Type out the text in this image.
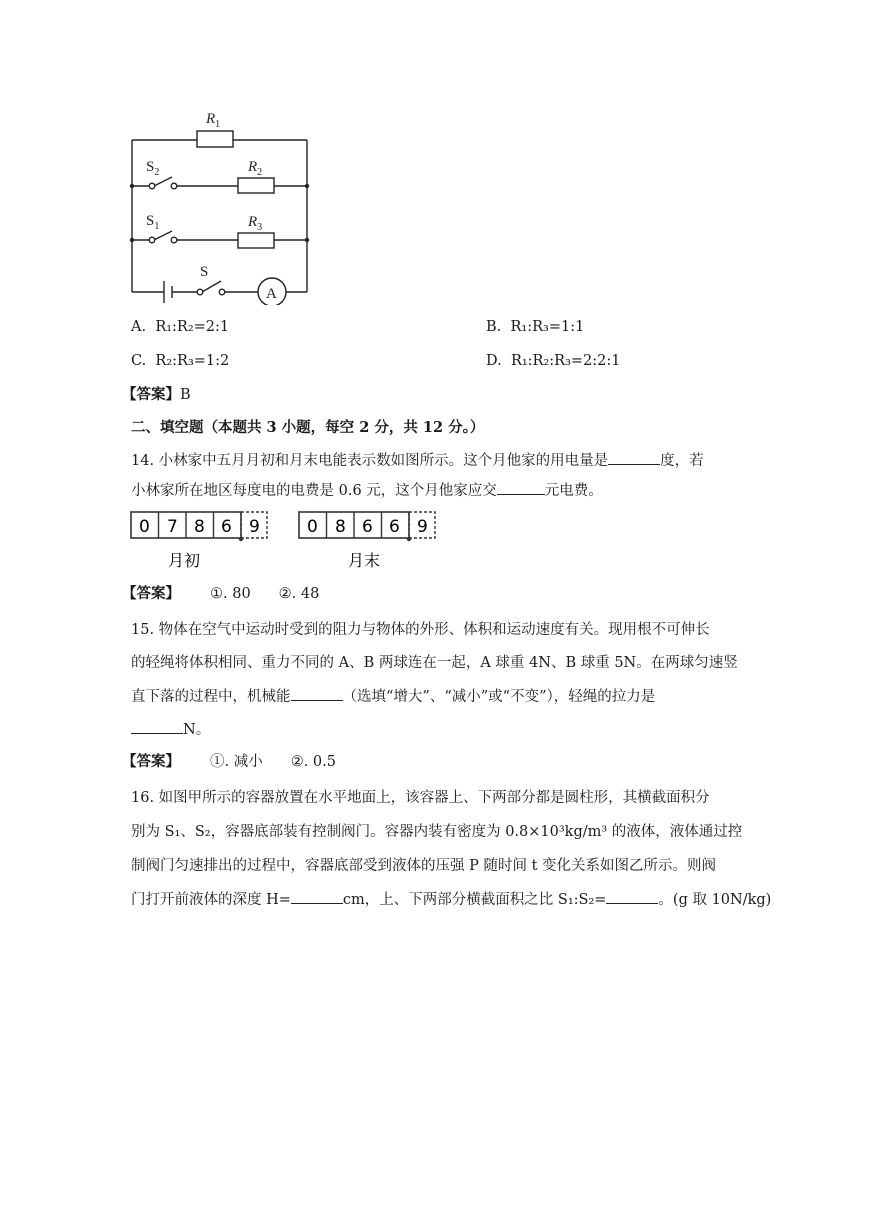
$R_1$
$R_2$
$R_3$
$S_2$
$S_1$
S
A
A. R₁:R₂=2:1	B. R₁:R₃=1:1
C. R₂:R₃=1:2	D. R₁:R₂:R₃=2:2:1
【答案】B
二、填空题（本题共 3 小题，每空 2 分，共 12 分。）
14. 小林家中五月月初和月末电能表示数如图所示。这个月他家的用电量是	度，若
小林家所在地区每度电的电费是 0.6 元，这个月他家应交	元电费。
0 7 8 6 9
月初
0 8 6 6 9
月末
【答案】 ①. 80 ②. 48
15. 物体在空气中运动时受到的阻力与物体的外形、体积和运动速度有关。现用根不可伸长
的轻绳将体积相同、重力不同的 A、B 两球连在一起，A 球重 4N、B 球重 5N。在两球匀速竖
直下落的过程中，机械能	（选填“增大”、“减小”或“不变”），轻绳的拉力是
N。
【答案】 ①. 减小 ②. 0.5
16. 如图甲所示的容器放置在水平地面上，该容器上、下两部分都是圆柱形，其横截面积分
别为 S₁、S₂，容器底部装有控制阀门。容器内装有密度为 0.8×10³kg/m³ 的液体，液体通过控
制阀门匀速排出的过程中，容器底部受到液体的压强 P 随时间 t 变化关系如图乙所示。则阀
门打开前液体的深度 H=	cm，上、下两部分横截面积之比 S₁:S₂=	。(g 取 10N/kg)
